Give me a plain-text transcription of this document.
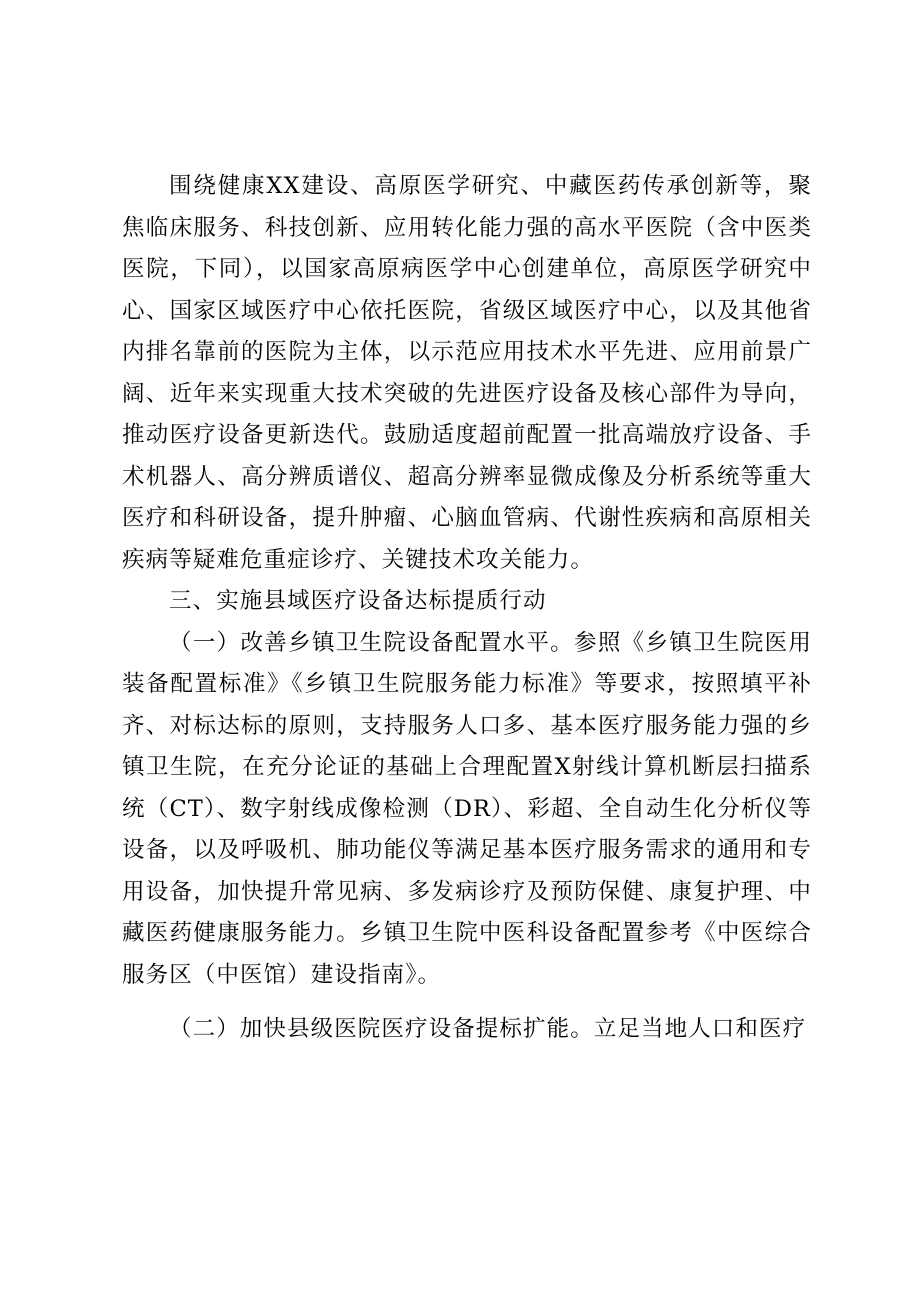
围绕健康XX建设、高原医学研究、中藏医药传承创新等，聚焦临床服务、科技创新、应用转化能力强的高水平医院（含中医类医院，下同），以国家高原病医学中心创建单位，高原医学研究中心、国家区域医疗中心依托医院，省级区域医疗中心，以及其他省内排名靠前的医院为主体，以示范应用技术水平先进、应用前景广阔、近年来实现重大技术突破的先进医疗设备及核心部件为导向，推动医疗设备更新迭代。鼓励适度超前配置一批高端放疗设备、手术机器人、高分辨质谱仪、超高分辨率显微成像及分析系统等重大医疗和科研设备，提升肿瘤、心脑血管病、代谢性疾病和高原相关疾病等疑难危重症诊疗、关键技术攻关能力。

三、实施县域医疗设备达标提质行动

（一）改善乡镇卫生院设备配置水平。参照《乡镇卫生院医用装备配置标准》《乡镇卫生院服务能力标准》等要求，按照填平补齐、对标达标的原则，支持服务人口多、基本医疗服务能力强的乡镇卫生院，在充分论证的基础上合理配置X射线计算机断层扫描系统（CT）、数字射线成像检测（DR）、彩超、全自动生化分析仪等设备，以及呼吸机、肺功能仪等满足基本医疗服务需求的通用和专用设备，加快提升常见病、多发病诊疗及预防保健、康复护理、中藏医药健康服务能力。乡镇卫生院中医科设备配置参考《中医综合服务区（中医馆）建设指南》。

（二）加快县级医院医疗设备提标扩能。立足当地人口和医疗
